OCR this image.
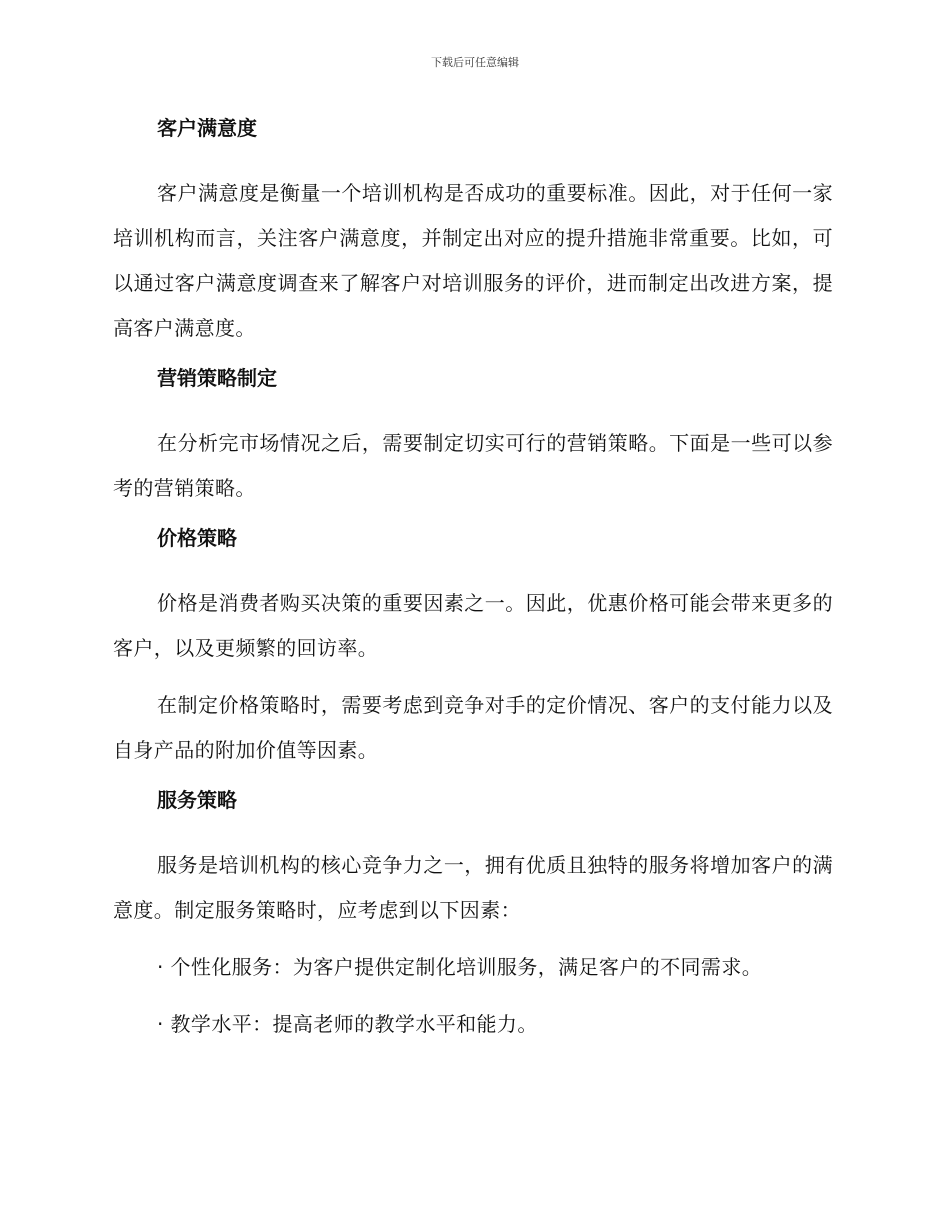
下载后可任意编辑
客户满意度

客户满意度是衡量一个培训机构是否成功的重要标准。因此，对于任何一家培训机构而言，关注客户满意度，并制定出对应的提升措施非常重要。比如，可以通过客户满意度调查来了解客户对培训服务的评价，进而制定出改进方案，提高客户满意度。

营销策略制定

在分析完市场情况之后，需要制定切实可行的营销策略。下面是一些可以参考的营销策略。

价格策略

价格是消费者购买决策的重要因素之一。因此，优惠价格可能会带来更多的客户，以及更频繁的回访率。

在制定价格策略时，需要考虑到竞争对手的定价情况、客户的支付能力以及自身产品的附加价值等因素。

服务策略

服务是培训机构的核心竞争力之一，拥有优质且独特的服务将增加客户的满意度。制定服务策略时，应考虑到以下因素：

· 个性化服务：为客户提供定制化培训服务，满足客户的不同需求。
· 教学水平：提高老师的教学水平和能力。
